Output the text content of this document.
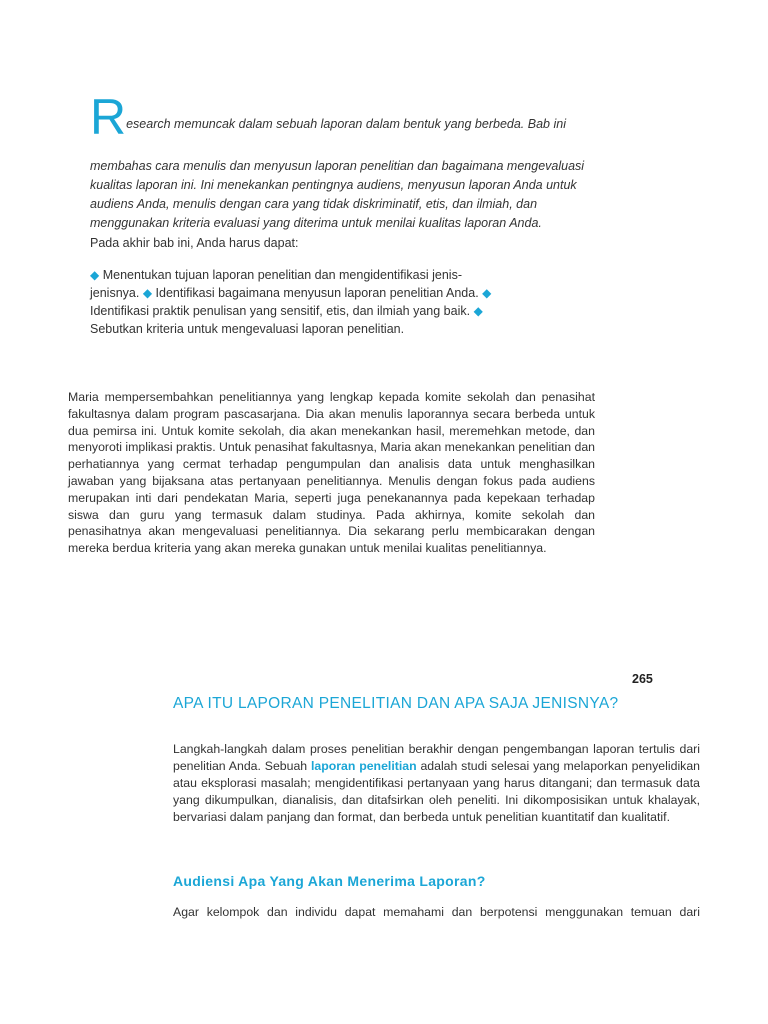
Research memuncak dalam sebuah laporan dalam bentuk yang berbeda. Bab ini

membahas cara menulis dan menyusun laporan penelitian dan bagaimana mengevaluasi kualitas laporan ini. Ini menekankan pentingnya audiens, menyusun laporan Anda untuk audiens Anda, menulis dengan cara yang tidak diskriminatif, etis, dan ilmiah, dan menggunakan kriteria evaluasi yang diterima untuk menilai kualitas laporan Anda.

Pada akhir bab ini, Anda harus dapat:
◆ Menentukan tujuan laporan penelitian dan mengidentifikasi jenis-jenisnya. ◆ Identifikasi bagaimana menyusun laporan penelitian Anda. ◆ Identifikasi praktik penulisan yang sensitif, etis, dan ilmiah yang baik. ◆ Sebutkan kriteria untuk mengevaluasi laporan penelitian.
Maria mempersembahkan penelitiannya yang lengkap kepada komite sekolah dan penasihat fakultasnya dalam program pascasarjana. Dia akan menulis laporannya secara berbeda untuk dua pemirsa ini. Untuk komite sekolah, dia akan menekankan hasil, meremehkan metode, dan menyoroti implikasi praktis. Untuk penasihat fakultasnya, Maria akan menekankan penelitian dan perhatiannya yang cermat terhadap pengumpulan dan analisis data untuk menghasilkan jawaban yang bijaksana atas pertanyaan penelitiannya. Menulis dengan fokus pada audiens merupakan inti dari pendekatan Maria, seperti juga penekanannya pada kepekaan terhadap siswa dan guru yang termasuk dalam studinya. Pada akhirnya, komite sekolah dan penasihatnya akan mengevaluasi penelitiannya. Dia sekarang perlu membicarakan dengan mereka berdua kriteria yang akan mereka gunakan untuk menilai kualitas penelitiannya.
265
APA ITU LAPORAN PENELITIAN DAN APA SAJA JENISNYA?
Langkah-langkah dalam proses penelitian berakhir dengan pengembangan laporan tertulis dari penelitian Anda. Sebuah laporan penelitian adalah studi selesai yang melaporkan penyelidikan atau eksplorasi masalah; mengidentifikasi pertanyaan yang harus ditangani; dan termasuk data yang dikumpulkan, dianalisis, dan ditafsirkan oleh peneliti. Ini dikomposisikan untuk khalayak, bervariasi dalam panjang dan format, dan berbeda untuk penelitian kuantitatif dan kualitatif.
Audiensi Apa Yang Akan Menerima Laporan?
Agar kelompok dan individu dapat memahami dan berpotensi menggunakan temuan dari
